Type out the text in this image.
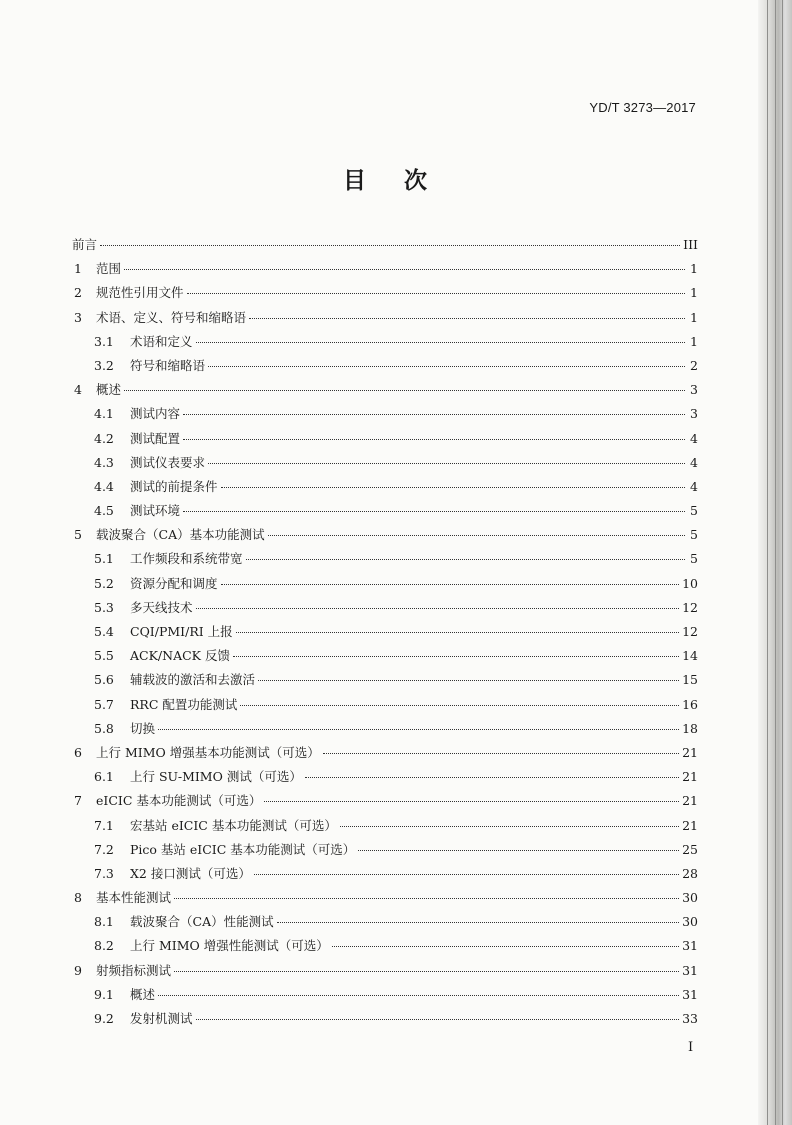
YD/T 3273—2017
目 次
前言	III
1	范围	1
2	规范性引用文件	1
3	术语、定义、符号和缩略语	1
3.1	术语和定义	1
3.2	符号和缩略语	2
4	概述	3
4.1	测试内容	3
4.2	测试配置	4
4.3	测试仪表要求	4
4.4	测试的前提条件	4
4.5	测试环境	5
5	载波聚合（CA）基本功能测试	5
5.1	工作频段和系统带宽	5
5.2	资源分配和调度	10
5.3	多天线技术	12
5.4	CQI/PMI/RI 上报	12
5.5	ACK/NACK 反馈	14
5.6	辅载波的激活和去激活	15
5.7	RRC 配置功能测试	16
5.8	切换	18
6	上行 MIMO 增强基本功能测试（可选）	21
6.1	上行 SU-MIMO 测试（可选）	21
7	eICIC 基本功能测试（可选）	21
7.1	宏基站 eICIC 基本功能测试（可选）	21
7.2	Pico 基站 eICIC 基本功能测试（可选）	25
7.3	X2 接口测试（可选）	28
8	基本性能测试	30
8.1	载波聚合（CA）性能测试	30
8.2	上行 MIMO 增强性能测试（可选）	31
9	射频指标测试	31
9.1	概述	31
9.2	发射机测试	33
I
